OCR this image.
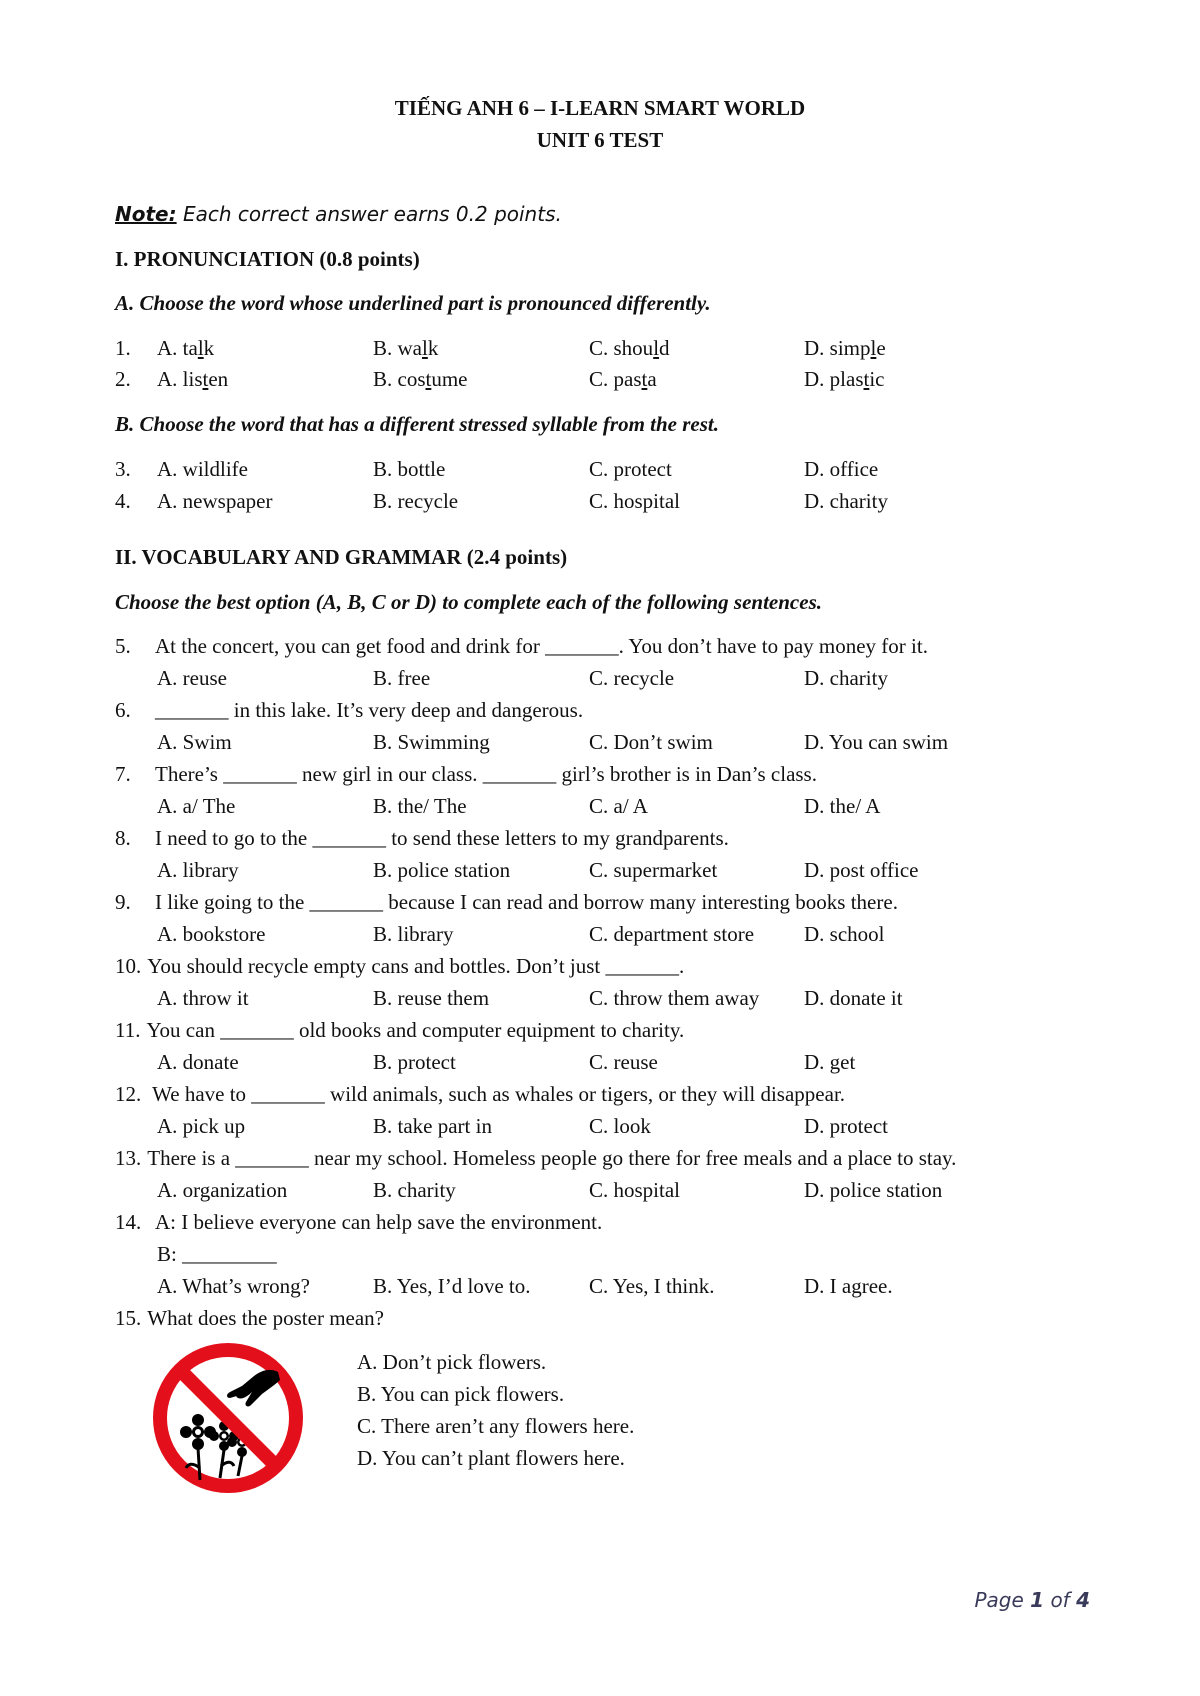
TIẾNG ANH 6 – I-LEARN SMART WORLD
UNIT 6 TEST
Note: Each correct answer earns 0.2 points.
I. PRONUNCIATION (0.8 points)
A. Choose the word whose underlined part is pronounced differently.
1.	A. talk	B. walk	C. should	D. simple
2.	A. listen	B. costume	C. pasta	D. plastic
B. Choose the word that has a different stressed syllable from the rest.
3.	A. wildlife	B. bottle	C. protect	D. office
4.	A. newspaper	B. recycle	C. hospital	D. charity
II. VOCABULARY AND GRAMMAR (2.4 points)
Choose the best option (A, B, C or D) to complete each of the following sentences.
5. At the concert, you can get food and drink for _______. You don’t have to pay money for it.
A. reuse	B. free	C. recycle	D. charity
6. _______ in this lake. It’s very deep and dangerous.
A. Swim	B. Swimming	C. Don’t swim	D. You can swim
7. There’s _______ new girl in our class. _______ girl’s brother is in Dan’s class.
A. a/ The	B. the/ The	C. a/ A	D. the/ A
8. I need to go to the _______ to send these letters to my grandparents.
A. library	B. police station	C. supermarket	D. post office
9. I like going to the _______ because I can read and borrow many interesting books there.
A. bookstore	B. library	C. department store D. school
10. You should recycle empty cans and bottles. Don’t just _______.
A. throw it	B. reuse them	C. throw them away D. donate it
11. You can _______ old books and computer equipment to charity.
A. donate	B. protect	C. reuse	D. get
12. We have to _______ wild animals, such as whales or tigers, or they will disappear.
A. pick up	B. take part in	C. look	D. protect
13. There is a _______ near my school. Homeless people go there for free meals and a place to stay.
A. organization	B. charity	C. hospital	D. police station
14. A: I believe everyone can help save the environment.
B: _________
A. What’s wrong?	B. Yes, I’d love to.	C. Yes, I think.	D. I agree.
15. What does the poster mean?
A. Don’t pick flowers.
B. You can pick flowers.
C. There aren’t any flowers here.
D. You can’t plant flowers here.
Page 1 of 4
